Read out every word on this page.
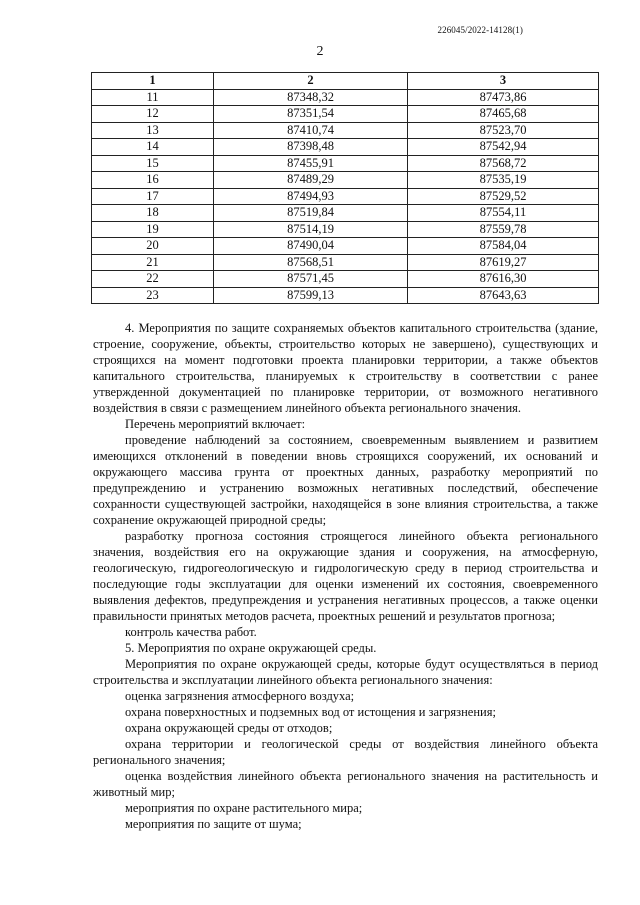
226045/2022-14128(1)
2
1	2	3
11	87348,32	87473,86
12	87351,54	87465,68
13	87410,74	87523,70
14	87398,48	87542,94
15	87455,91	87568,72
16	87489,29	87535,19
17	87494,93	87529,52
18	87519,84	87554,11
19	87514,19	87559,78
20	87490,04	87584,04
21	87568,51	87619,27
22	87571,45	87616,30
23	87599,13	87643,63

4. Мероприятия по защите сохраняемых объектов капитального строительства (здание, строение, сооружение, объекты, строительство которых не завершено), существующих и строящихся на момент подготовки проекта планировки территории, а также объектов капитального строительства, планируемых к строительству в соответствии с ранее утвержденной документацией по планировке территории, от возможного негативного воздействия в связи с размещением линейного объекта регионального значения.

Перечень мероприятий включает:

проведение наблюдений за состоянием, своевременным выявлением и развитием имеющихся отклонений в поведении вновь строящихся сооружений, их оснований и окружающего массива грунта от проектных данных, разработку мероприятий по предупреждению и устранению возможных негативных последствий, обеспечение сохранности существующей застройки, находящейся в зоне влияния строительства, а также сохранение окружающей природной среды;

разработку прогноза состояния строящегося линейного объекта регионального значения, воздействия его на окружающие здания и сооружения, на атмосферную, геологическую, гидрогеологическую и гидрологическую среду в период строительства и последующие годы эксплуатации для оценки изменений их состояния, своевременного выявления дефектов, предупреждения и устранения негативных процессов, а также оценки правильности принятых методов расчета, проектных решений и результатов прогноза;

контроль качества работ.

5. Мероприятия по охране окружающей среды.

Мероприятия по охране окружающей среды, которые будут осуществляться в период строительства и эксплуатации линейного объекта регионального значения:

оценка загрязнения атмосферного воздуха;

охрана поверхностных и подземных вод от истощения и загрязнения;

охрана окружающей среды от отходов;

охрана территории и геологической среды от воздействия линейного объекта регионального значения;

оценка воздействия линейного объекта регионального значения на растительность и животный мир;

мероприятия по охране растительного мира;

мероприятия по защите от шума;
